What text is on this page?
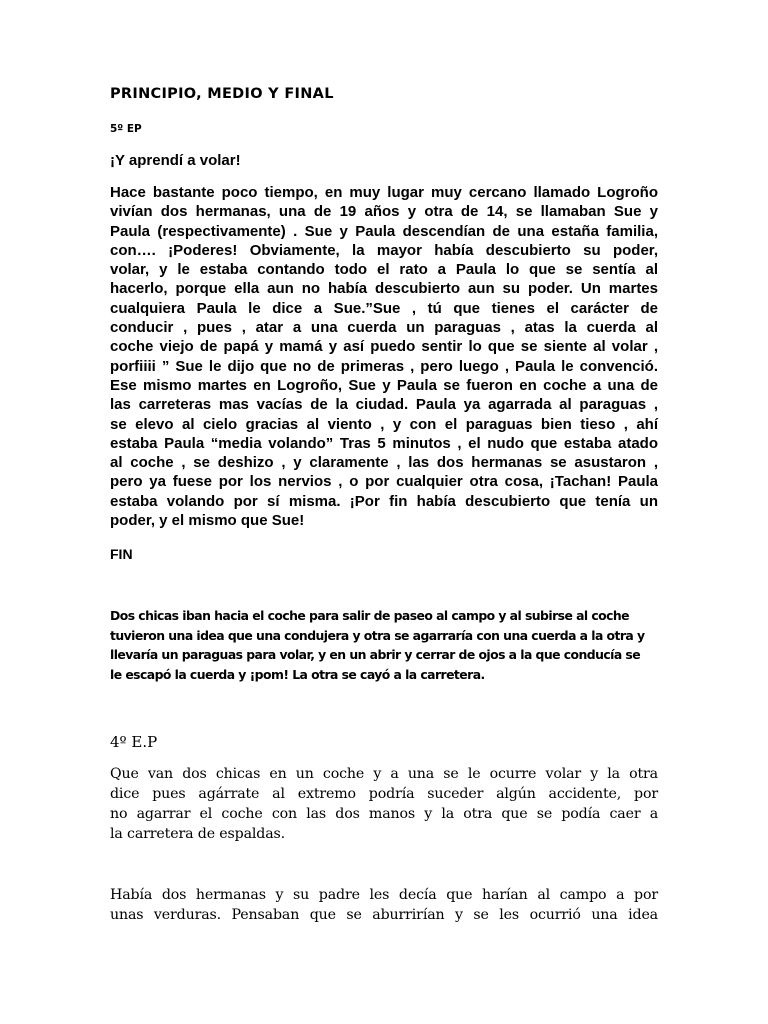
PRINCIPIO, MEDIO Y FINAL
5º EP
¡Y aprendí a volar!
Hace bastante poco tiempo, en muy lugar muy cercano llamado Logroño
vivían dos hermanas, una de 19 años y otra de 14, se llamaban Sue y
Paula (respectivamente) . Sue y Paula descendían de una estaña familia,
con…. ¡Poderes! Obviamente, la mayor había descubierto su poder,
volar, y le estaba contando todo el rato a Paula lo que se sentía al
hacerlo, porque ella aun no había descubierto aun su poder. Un martes
cualquiera Paula le dice a Sue.”Sue , tú que tienes el carácter de
conducir , pues , atar a una cuerda un paraguas , atas la cuerda al
coche viejo de papá y mamá y así puedo sentir lo que se siente al volar ,
porfiiii ” Sue le dijo que no de primeras , pero luego , Paula le convenció.
Ese mismo martes en Logroño, Sue y Paula se fueron en coche a una de
las carreteras mas vacías de la ciudad. Paula ya agarrada al paraguas ,
se elevo al cielo gracias al viento , y con el paraguas bien tieso , ahí
estaba Paula “media volando” Tras 5 minutos , el nudo que estaba atado
al coche , se deshizo , y claramente , las dos hermanas se asustaron ,
pero ya fuese por los nervios , o por cualquier otra cosa, ¡Tachan! Paula
estaba volando por sí misma. ¡Por fin había descubierto que tenía un
poder, y el mismo que Sue!
FIN
Dos chicas iban hacia el coche para salir de paseo al campo y al subirse al coche
tuvieron una idea que una condujera y otra se agarraría con una cuerda a la otra y
llevaría un paraguas para volar, y en un abrir y cerrar de ojos a la que conducía se
le escapó la cuerda y ¡pom! La otra se cayó a la carretera.
4º E.P
Que van dos chicas en un coche y a una se le ocurre volar y la otra
dice pues agárrate al extremo podría suceder algún accidente, por
no agarrar el coche con las dos manos y la otra que se podía caer a
la carretera de espaldas.
Había dos hermanas y su padre les decía que harían al campo a por
unas verduras. Pensaban que se aburrirían y se les ocurrió una idea
